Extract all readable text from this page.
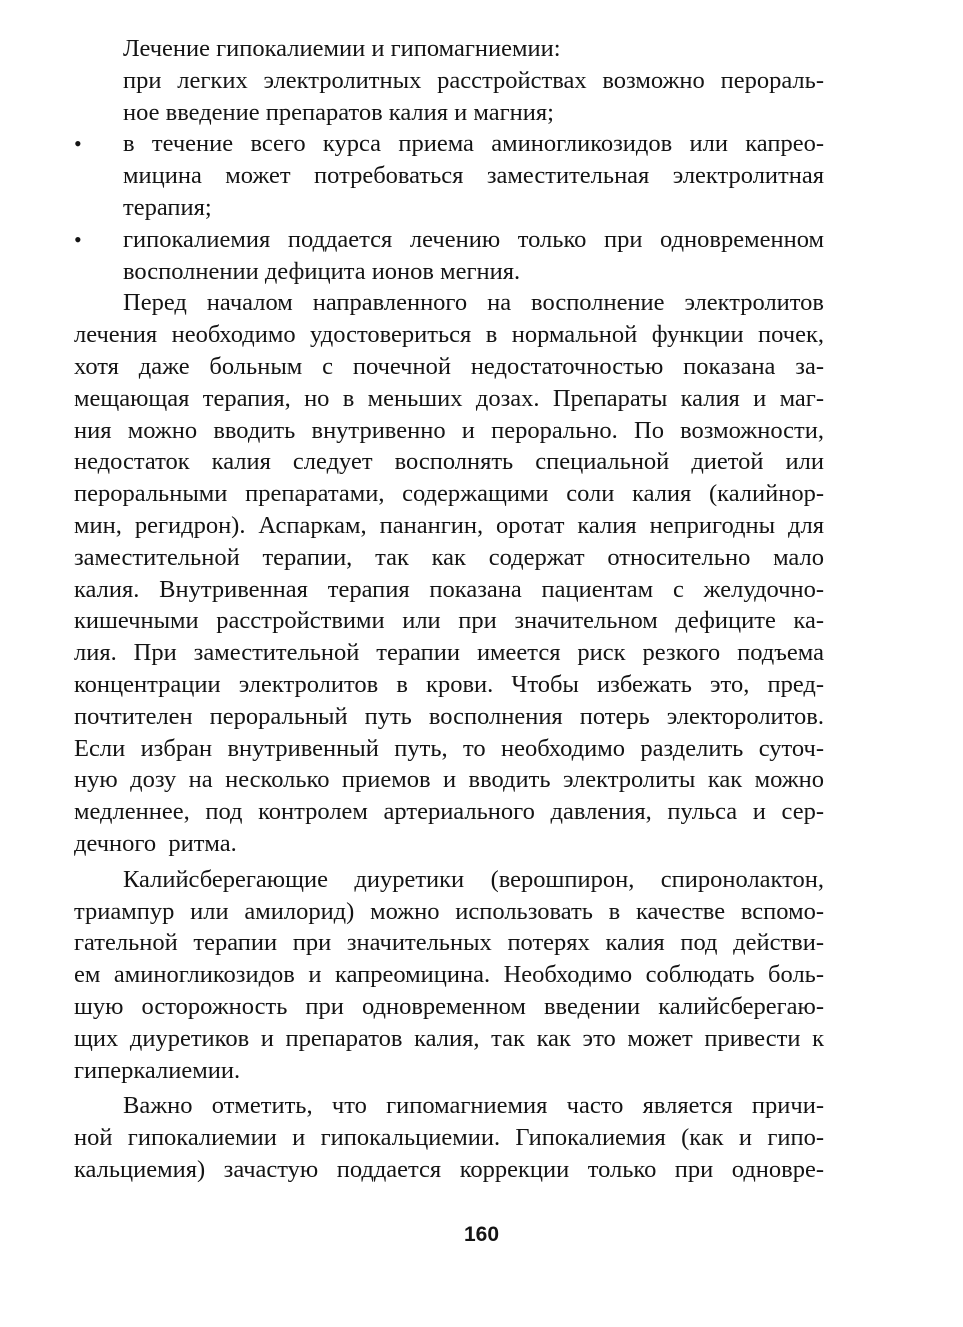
Лечение гипокалиемии и гипомагниемии:
при легких электролитных расстройствах возможно перораль-
ное введение препаратов калия и магния;
• в течение всего курса приема аминогликозидов или капрео-
мицина может потребоваться заместительная электролитная
терапия;
• гипокалиемия поддается лечению только при одновременном
восполнении дефицита ионов мегния.
Перед началом направленного на восполнение электролитов
лечения необходимо удостовериться в нормальной функции почек,
хотя даже больным с почечной недостаточностью показана за-
мещающая терапия, но в меньших дозах. Препараты калия и маг-
ния можно вводить внутривенно и перорально. По возможности,
недостаток калия следует восполнять специальной диетой или
пероральными препаратами, содержащими соли калия (калийнор-
мин, регидрон). Аспаркам, панангин, оротат калия непригодны для
заместительной терапии, так как содержат относительно мало
калия. Внутривенная терапия показана пациентам с желудочно-
кишечными расстройствими или при значительном дефиците ка-
лия. При заместительной терапии имеется риск резкого подъема
концентрации электролитов в крови. Чтобы избежать это, пред-
почтителен пероральный путь восполнения потерь электоролитов.
Если избран внутривенный путь, то необходимо разделить суточ-
ную дозу на несколько приемов и вводить электролиты как можно
медленнее, под контролем артериального давления, пульса и сер-
дечного  ритма.
Калийсберегающие диуретики (верошпирон, спиронолактон,
триампур или амилорид) можно использовать в качестве вспомо-
гательной терапии при значительных потерях калия под действи-
ем аминогликозидов и капреомицина. Необходимо соблюдать боль-
шую осторожность при одновременном введении калийсберегаю-
щих диуретиков и препаратов калия, так как это может привести к
гиперкалиемии.
Важно отметить, что гипомагниемия часто является причи-
ной гипокалиемии и гипокальциемии. Гипокалиемия (как и гипо-
кальциемия) зачастую поддается коррекции только при одновре-
160
